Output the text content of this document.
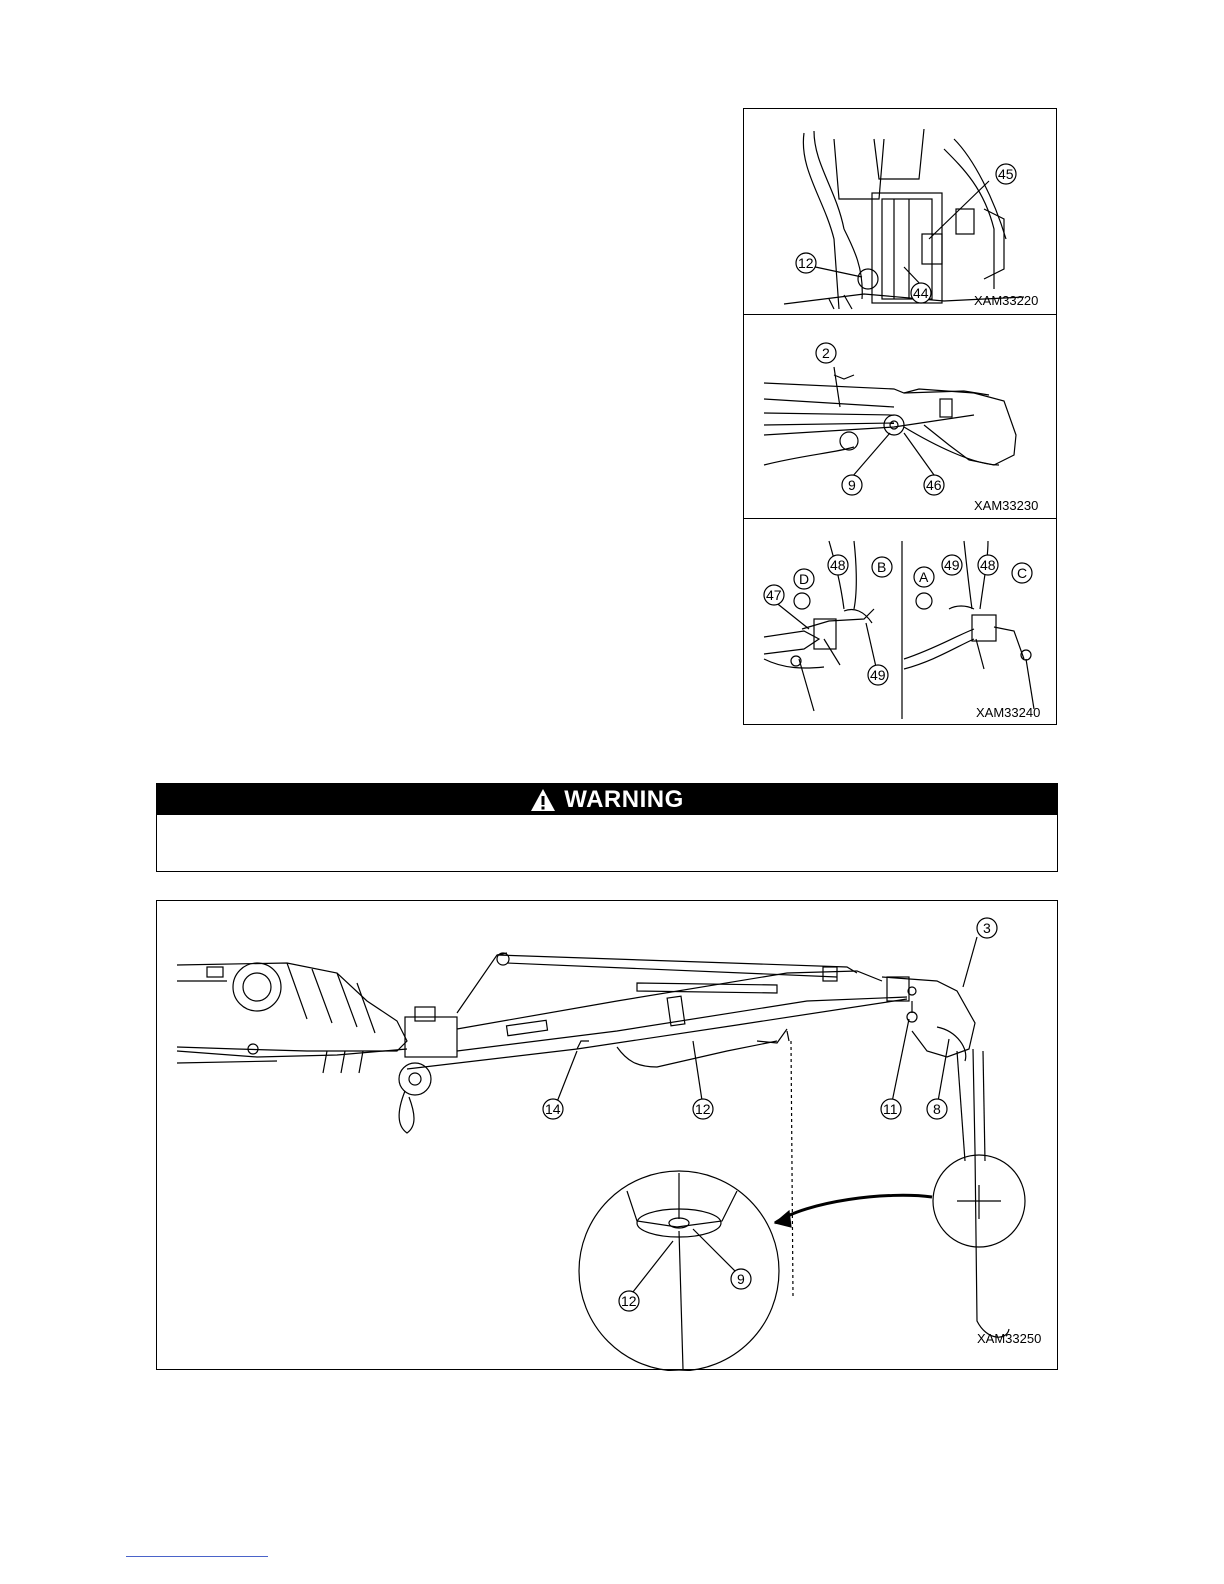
45
12
44	XAM33220
2
9	46
XAM33230
47
D
48 B
49
A
49 48 C
XAM33240
WARNING
3
14	12	11	8
12
9
XAM33250
